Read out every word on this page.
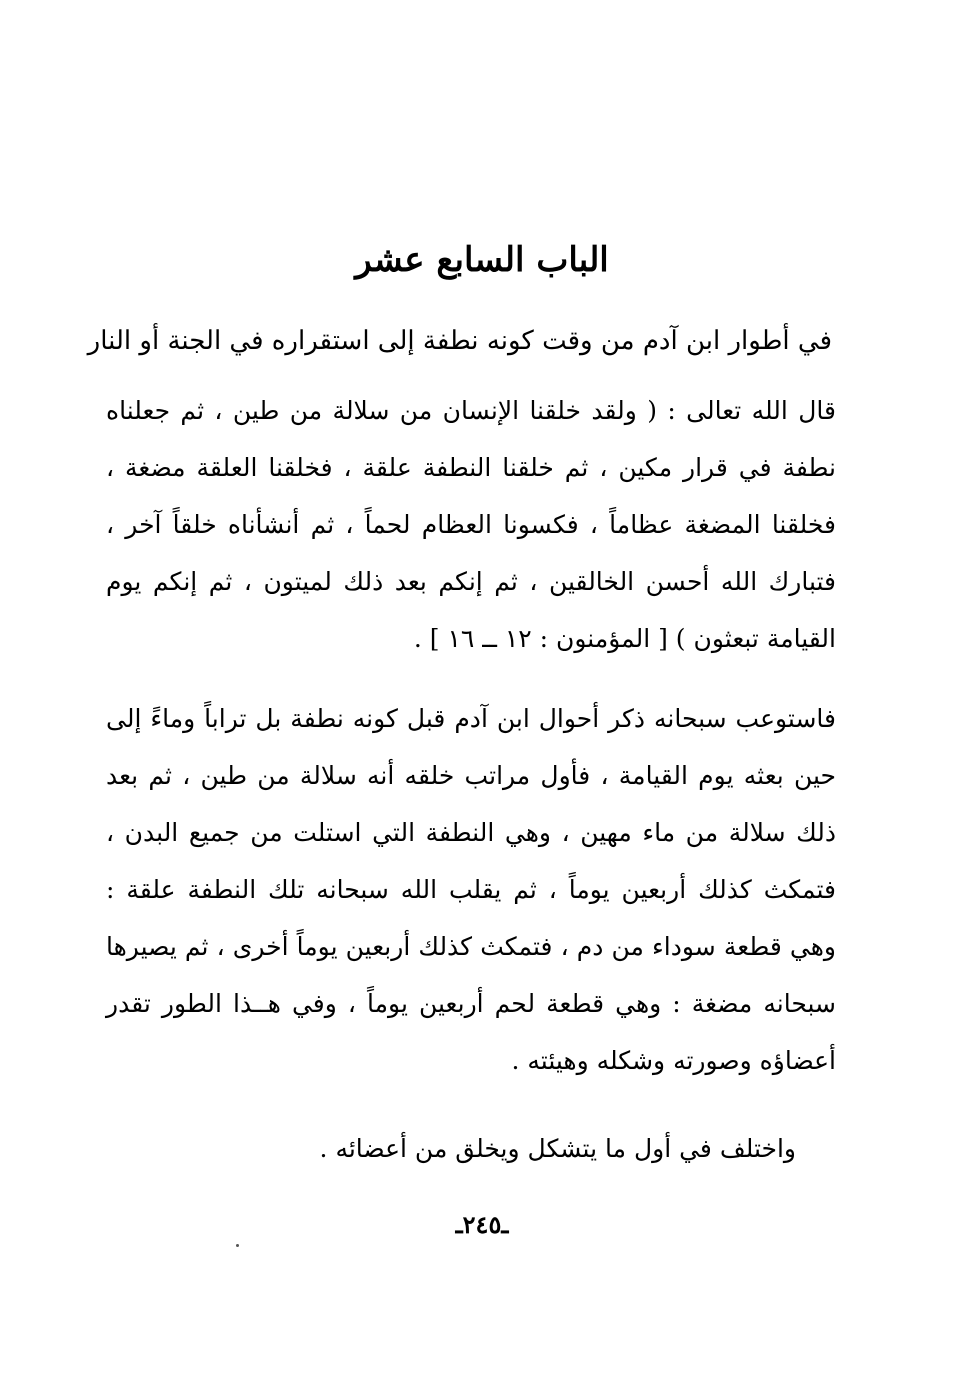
الباب السابع عشر
في أطوار ابن آدم من وقت كونه نطفة إلى استقراره في الجنة أو النار
قال الله تعالى : ( ولقد خلقنا الإنسان من سلالة من طين ، ثم جعلناه نطفة في قرار مكين ، ثم خلقنا النطفة علقة ، فخلقنا العلقة مضغة ، فخلقنا المضغة عظاماً ، فكسونا العظام لحماً ، ثم أنشأناه خلقاً آخر ، فتبارك الله أحسن الخالقين ، ثم إنكم بعد ذلك لميتون ، ثم إنكم يوم القيامة تبعثون ) [ المؤمنون : ١٢ ــ ١٦ ] .
فاستوعب سبحانه ذكر أحوال ابن آدم قبل كونه نطفة بل تراباً وماءً إلى حين بعثه يوم القيامة ، فأول مراتب خلقه أنه سلالة من طين ، ثم بعد ذلك سلالة من ماء مهين ، وهي النطفة التي استلت من جميع البدن ، فتمكث كذلك أربعين يوماً ، ثم يقلب الله سبحانه تلك النطفة علقة : وهي قطعة سوداء من دم ، فتمكث كذلك أربعين يوماً أخرى ، ثم يصيرها سبحانه مضغة : وهي قطعة لحم أربعين يوماً ، وفي هــذا الطور تقدر أعضاؤه وصورته وشكله وهيئته .
واختلف في أول ما يتشكل ويخلق من أعضائه .
ـ٢٤٥ـ
